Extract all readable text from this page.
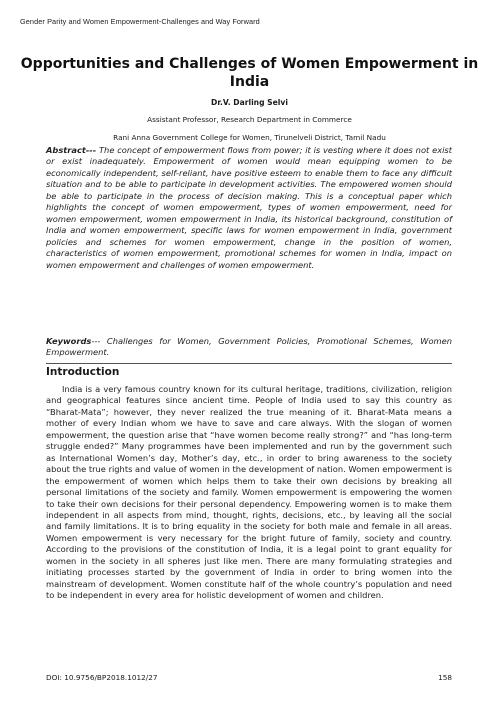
Gender Parity and Women Empowerment-Challenges and Way Forward
Opportunities and Challenges of Women Empowerment in India
Dr.V. Darling Selvi
Assistant Professor, Research Department in Commerce
Rani Anna Government College for Women, Tirunelveli District, Tamil Nadu

Abstract--- The concept of empowerment flows from power; it is vesting where it does not exist or exist inadequately. Empowerment of women would mean equipping women to be economically independent, self-reliant, have positive esteem to enable them to face any difficult situation and to be able to participate in development activities. The empowered women should be able to participate in the process of decision making. This is a conceptual paper which highlights the concept of women empowerment, types of women empowerment, need for women empowerment, women empowerment in India, its historical background, constitution of India and women empowerment, specific laws for women empowerment in India, government policies and schemes for women empowerment, change in the position of women, characteristics of women empowerment, promotional schemes for women in India, impact on women empowerment and challenges of women empowerment.

Keywords--- Challenges for Women, Government Policies, Promotional Schemes, Women Empowerment.

Introduction

India is a very famous country known for its cultural heritage, traditions, civilization, religion and geographical features since ancient time. People of India used to say this country as “Bharat-Mata”; however, they never realized the true meaning of it. Bharat-Mata means a mother of every Indian whom we have to save and care always. With the slogan of women empowerment, the question arise that “have women become really strong?” and “has long-term struggle ended?” Many programmes have been implemented and run by the government such as International Women’s day, Mother’s day, etc., in order to bring awareness to the society about the true rights and value of women in the development of nation. Women empowerment is the empowerment of women which helps them to take their own decisions by breaking all personal limitations of the society and family. Women empowerment is empowering the women to take their own decisions for their personal dependency. Empowering women is to make them independent in all aspects from mind, thought, rights, decisions, etc., by leaving all the social and family limitations. It is to bring equality in the society for both male and female in all areas. Women empowerment is very necessary for the bright future of family, society and country. According to the provisions of the constitution of India, it is a legal point to grant equality for women in the society in all spheres just like men. There are many formulating strategies and initiating processes started by the government of India in order to bring women into the mainstream of development. Women constitute half of the whole country’s population and need to be independent in every area for holistic development of women and children.

DOI: 10.9756/BP2018.1012/27	158
